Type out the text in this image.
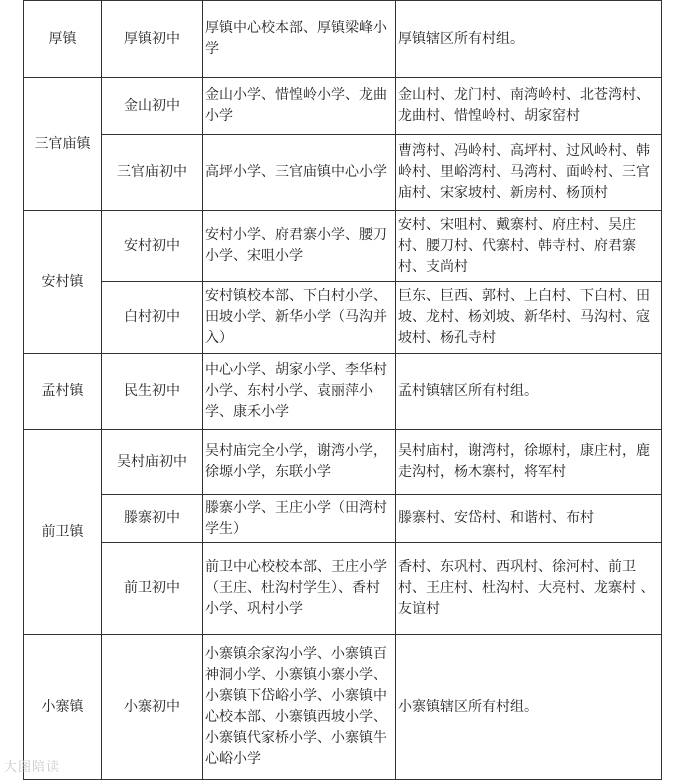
厚镇	厚镇初中	厚镇中心校本部、厚镇梁峰小学	厚镇辖区所有村组。
三官庙镇	金山初中	金山小学、惜惶岭小学、龙曲小学	金山村、龙门村、南湾岭村、北苍湾村、龙曲村、惜惶岭村、胡家窑村
	三官庙初中	高坪小学、三官庙镇中心小学	曹湾村、冯岭村、高坪村、过风岭村、韩岭村、里峪湾村、马湾村、面岭村、三官庙村、宋家坡村、新房村、杨顶村
安村镇	安村初中	安村小学、府君寨小学、腰刀小学、宋咀小学	安村、宋咀村、戴寨村、府庄村、吴庄村、腰刀村、代寨村、韩寺村、府君寨村、支尚村
	白村初中	安村镇校本部、下白村小学、田坡小学、新华小学（马沟并入）	巨东、巨西、郭村、上白村、下白村、田坡、龙村、杨刘坡、新华村、马沟村、寇坡村、杨孔寺村
孟村镇	民生初中	中心小学、胡家小学、李华村小学、东村小学、袁丽萍小学、康禾小学	孟村镇辖区所有村组。
前卫镇	吴村庙初中	吴村庙完全小学，谢湾小学，徐塬小学，东联小学	吴村庙村，谢湾村，徐塬村，康庄村，鹿走沟村，杨木寨村，将军村
	滕寨初中	滕寨小学、王庄小学（田湾村学生）	滕寨村、安岱村、和谐村、布村
	前卫初中	前卫中心校校本部、王庄小学（王庄、杜沟村学生）、香村小学、巩村小学	香村、东巩村、西巩村、徐河村、前卫村、王庄村、杜沟村、大亮村、龙寨村 、友谊村
小寨镇	小寨初中	小寨镇余家沟小学、小寨镇百神洞小学、小寨镇小寨小学、小寨镇下岱峪小学、小寨镇中心校本部、小寨镇西坡小学、小寨镇代家桥小学、小寨镇牛心峪小学	小寨镇辖区所有村组。
大图陪读
